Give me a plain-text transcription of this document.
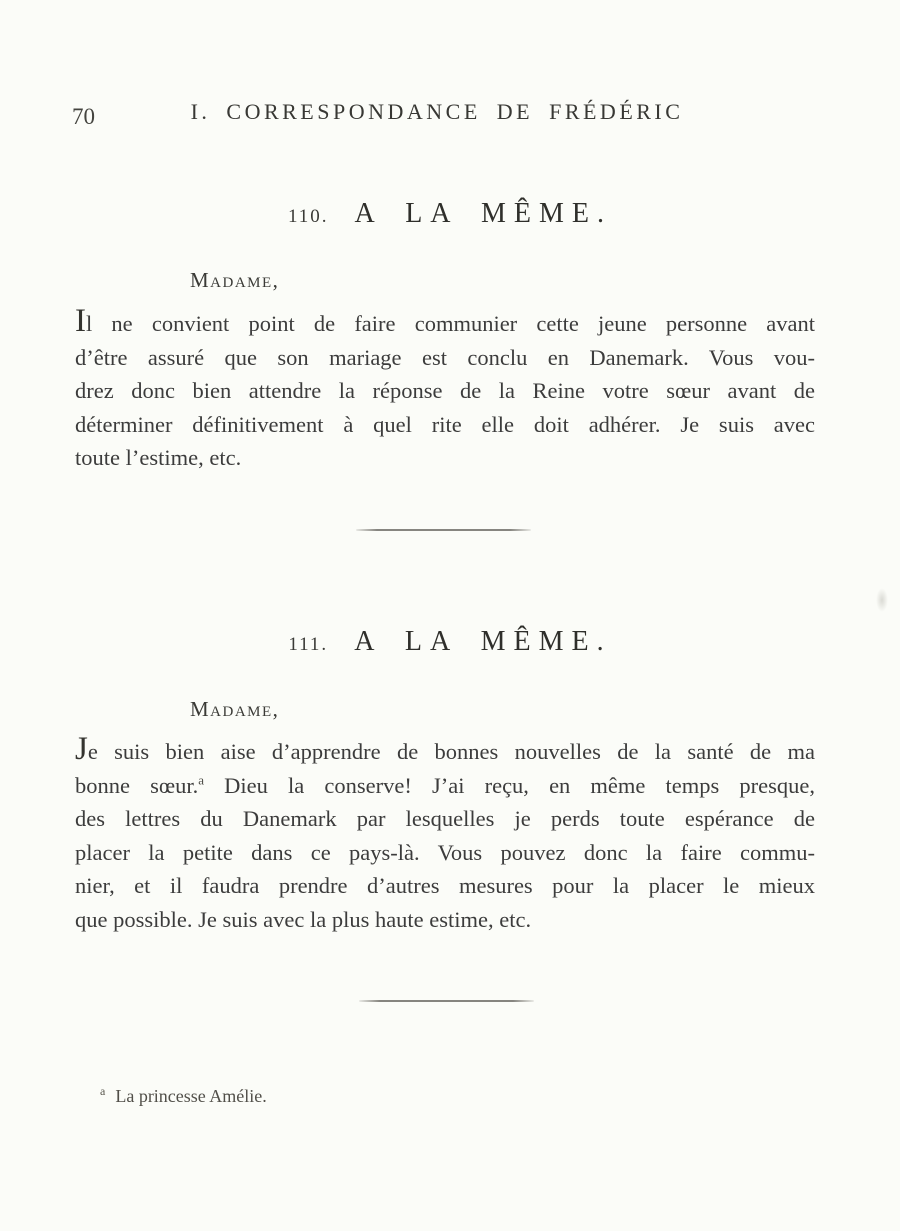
70	I. CORRESPONDANCE DE FRÉDÉRIC
110. A LA MÊME.
Madame,
Il ne convient point de faire communier cette jeune personne avant
d’être assuré que son mariage est conclu en Danemark. Vous vou-
drez donc bien attendre la réponse de la Reine votre sœur avant de
déterminer définitivement à quel rite elle doit adhérer. Je suis avec
toute l’estime, etc.
111. A LA MÊME.
Madame,
Je suis bien aise d’apprendre de bonnes nouvelles de la santé de ma
bonne sœur.$^a$ Dieu la conserve! J’ai reçu, en même temps presque,
des lettres du Danemark par lesquelles je perds toute espérance de
placer la petite dans ce pays-là. Vous pouvez donc la faire commu-
nier, et il faudra prendre d’autres mesures pour la placer le mieux
que possible. Je suis avec la plus haute estime, etc.
$^a$ La princesse Amélie.
